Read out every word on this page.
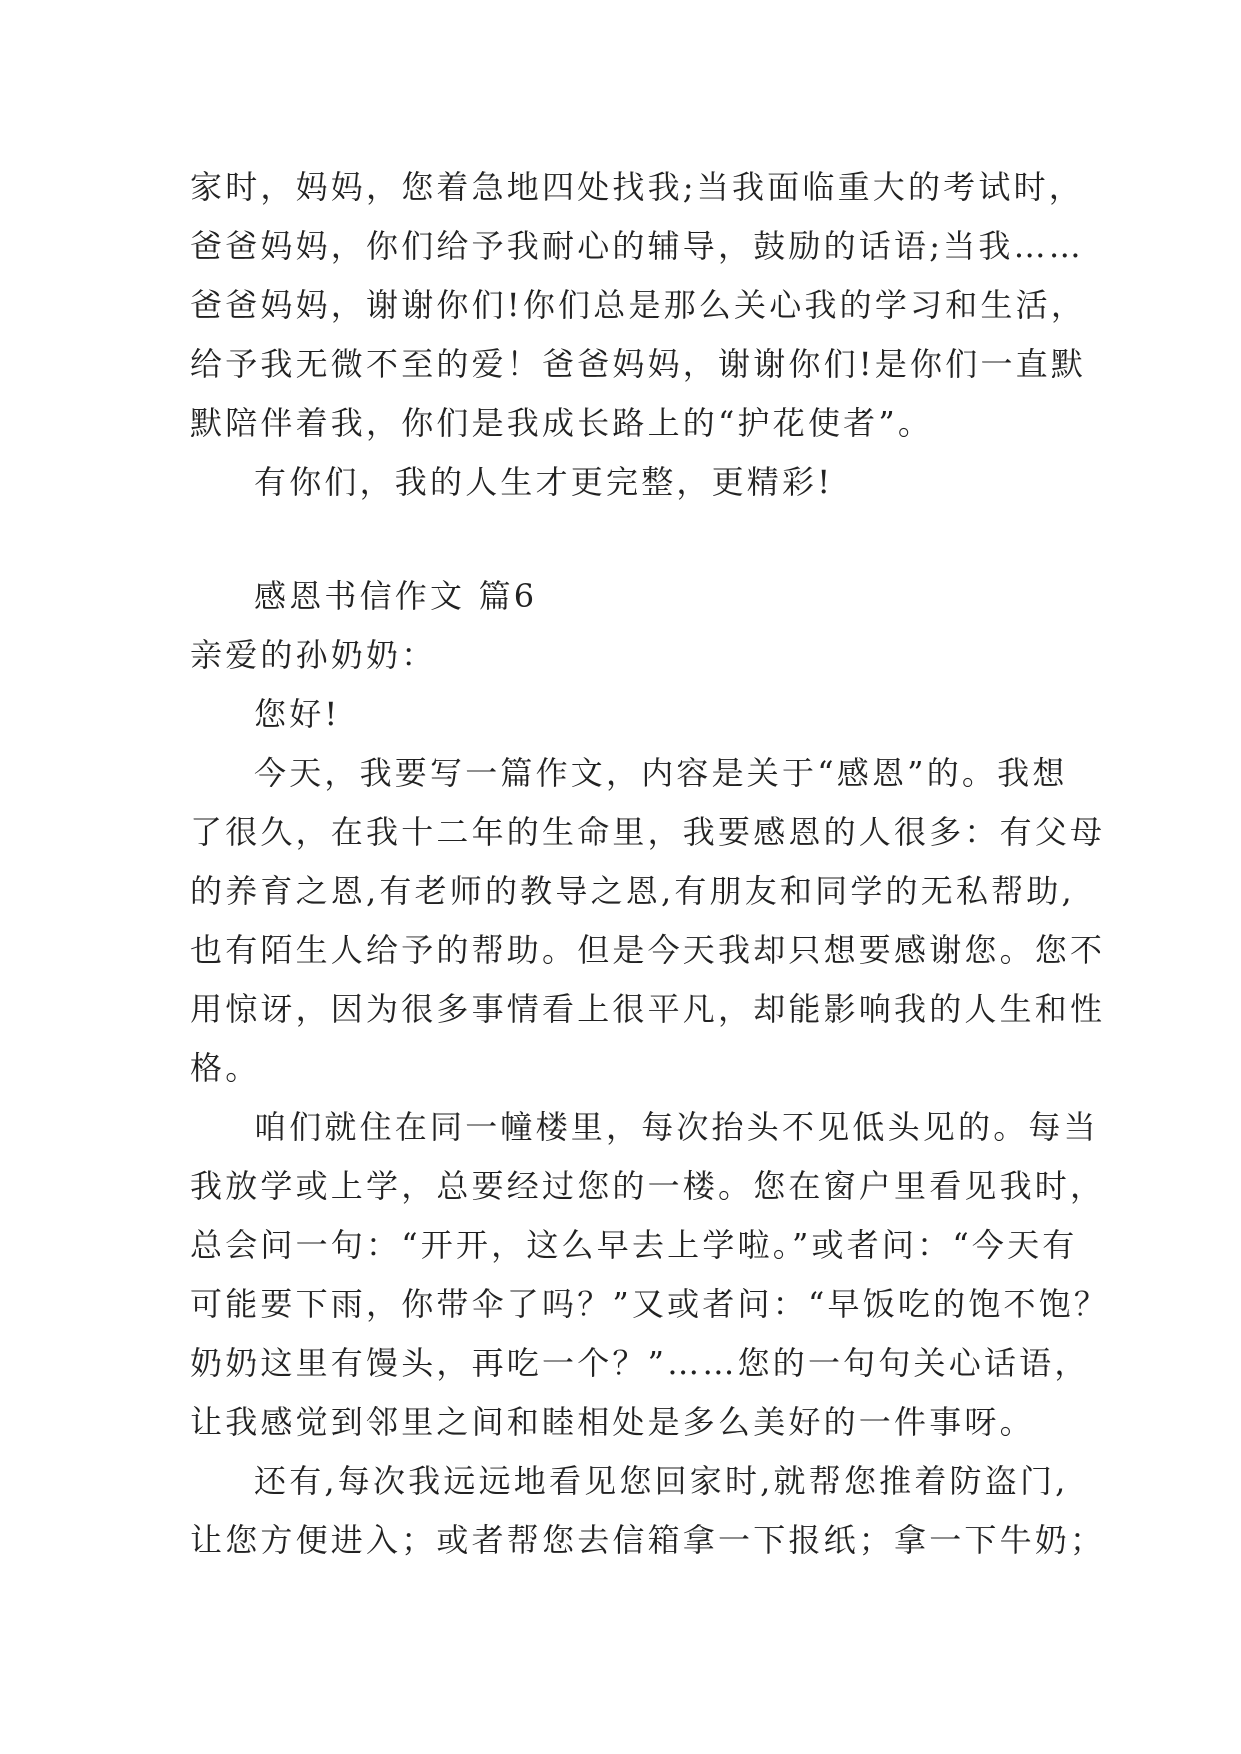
家时，妈妈，您着急地四处找我;当我面临重大的考试时，
爸爸妈妈，你们给予我耐心的辅导，鼓励的话语;当我……
爸爸妈妈，谢谢你们!你们总是那么关心我的学习和生活，
给予我无微不至的爱！爸爸妈妈，谢谢你们!是你们一直默
默陪伴着我，你们是我成长路上的“护花使者”。
有你们，我的人生才更完整，更精彩!
感恩书信作文 篇6
亲爱的孙奶奶：
您好!
今天，我要写一篇作文，内容是关于“感恩”的。我想
了很久，在我十二年的生命里，我要感恩的人很多：有父母
的养育之恩,有老师的教导之恩,有朋友和同学的无私帮助,
也有陌生人给予的帮助。但是今天我却只想要感谢您。您不
用惊讶，因为很多事情看上很平凡，却能影响我的人生和性
格。
咱们就住在同一幢楼里，每次抬头不见低头见的。每当
我放学或上学，总要经过您的一楼。您在窗户里看见我时，
总会问一句：“开开，这么早去上学啦。”或者问：“今天有
可能要下雨，你带伞了吗？”又或者问：“早饭吃的饱不饱？
奶奶这里有馒头，再吃一个？”……您的一句句关心话语，
让我感觉到邻里之间和睦相处是多么美好的一件事呀。
还有,每次我远远地看见您回家时,就帮您推着防盗门,
让您方便进入；或者帮您去信箱拿一下报纸；拿一下牛奶；
